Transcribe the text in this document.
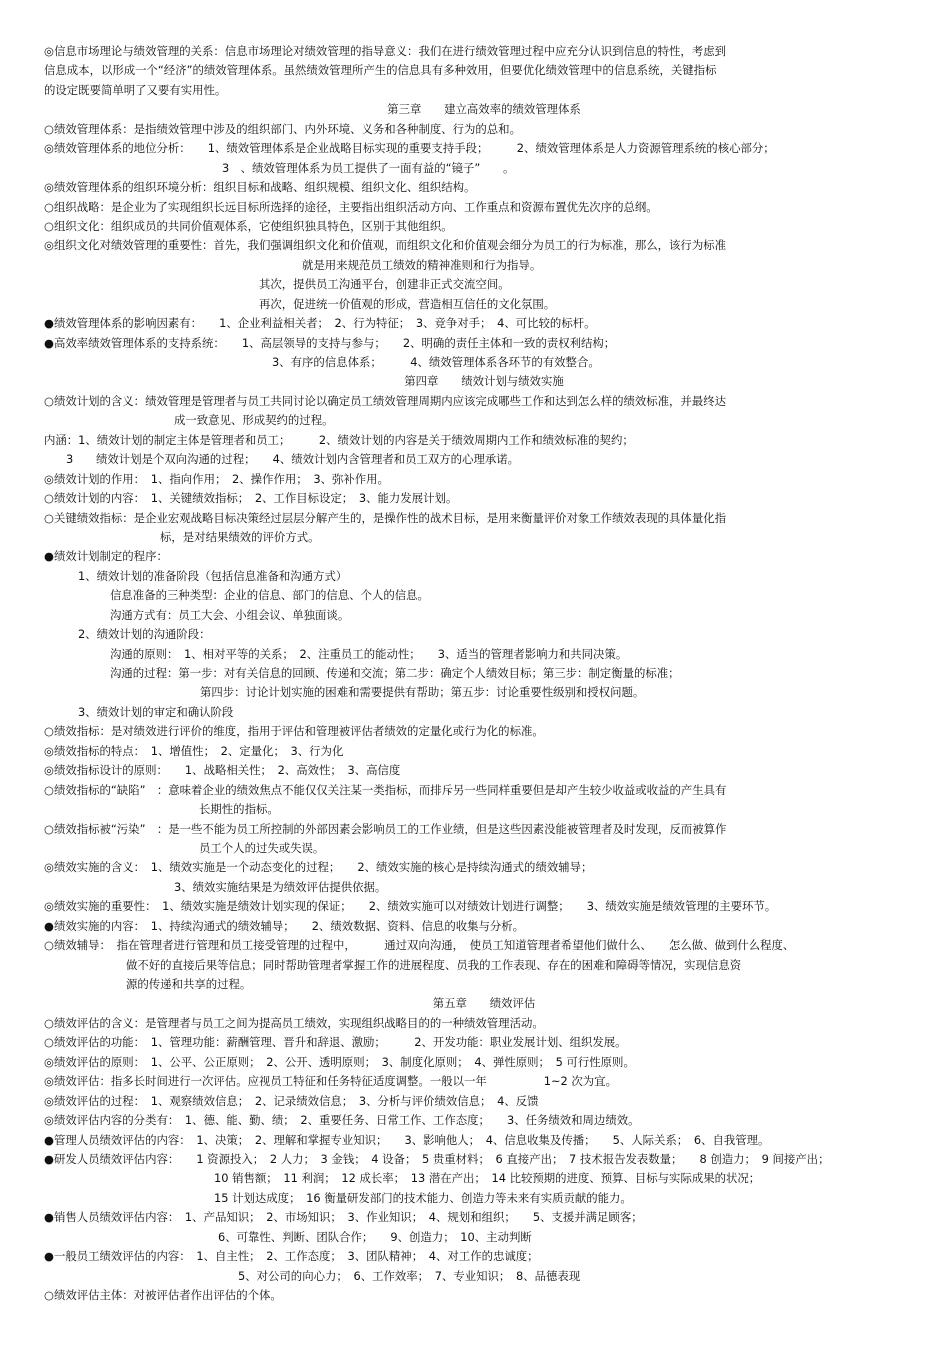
◎信息市场理论与绩效管理的关系：信息市场理论对绩效管理的指导意义：我们在进行绩效管理过程中应充分认识到信息的特性，考虑到
信息成本，以形成一个“经济”的绩效管理体系。虽然绩效管理所产生的信息具有多种效用，但要优化绩效管理中的信息系统，关键指标
的设定既要简单明了又要有实用性。
第三章　　建立高效率的绩效管理体系
○绩效管理体系：是指绩效管理中涉及的组织部门、内外环境、义务和各种制度、行为的总和。
◎绩效管理体系的地位分析：　　1、绩效管理体系是企业战略目标实现的重要支持手段；　　　2、绩效管理体系是人力资源管理系统的核心部分；
3　、绩效管理体系为员工提供了一面有益的“镜子”　　。
◎绩效管理体系的组织环境分析：组织目标和战略、组织规模、组织文化、组织结构。
○组织战略：是企业为了实现组织长远目标所选择的途径，主要指出组织活动方向、工作重点和资源布置优先次序的总纲。
○组织文化：组织成员的共同价值观体系，它使组织独具特色，区别于其他组织。
◎组织文化对绩效管理的重要性：首先，我们强调组织文化和价值观，而组织文化和价值观会细分为员工的行为标准，那么，该行为标准
就是用来规范员工绩效的精神准则和行为指导。
其次，提供员工沟通平台，创建非正式交流空间。
再次，促进统一价值观的形成，营造相互信任的文化氛围。
●绩效管理体系的影响因素有：　　1、企业利益相关者；　2、行为特征；　3、竞争对手；　4、可比较的标杆。
●高效率绩效管理体系的支持系统：　　1、高层领导的支持与参与；　　2、明确的责任主体和一致的责权利结构；
3、有序的信息体系；　　　4、绩效管理体系各环节的有效整合。
第四章　　绩效计划与绩效实施
○绩效计划的含义：绩效管理是管理者与员工共同讨论以确定员工绩效管理周期内应该完成哪些工作和达到怎么样的绩效标准，并最终达
成一致意见、形成契约的过程。
内涵：1、绩效计划的制定主体是管理者和员工；　　　2、绩效计划的内容是关于绩效周期内工作和绩效标准的契约；
3　　绩效计划是个双向沟通的过程；　　4、绩效计划内含管理者和员工双方的心理承诺。
◎绩效计划的作用：　1、指向作用；　2、操作作用；　3、弥补作用。
○绩效计划的内容：　1、关键绩效指标；　2、工作目标设定；　3、能力发展计划。
○关键绩效指标：是企业宏观战略目标决策经过层层分解产生的，是操作性的战术目标，是用来衡量评价对象工作绩效表现的具体量化指
标，是对结果绩效的评价方式。
●绩效计划制定的程序：
1、绩效计划的准备阶段（包括信息准备和沟通方式）
信息准备的三种类型：企业的信息、部门的信息、个人的信息。
沟通方式有：员工大会、小组会议、单独面谈。
2、绩效计划的沟通阶段：
沟通的原则：　1、相对平等的关系；　2、注重员工的能动性；　　3、适当的管理者影响力和共同决策。
沟通的过程：第一步：对有关信息的回顾、传递和交流；第二步：确定个人绩效目标；第三步：制定衡量的标准；
第四步：讨论计划实施的困难和需要提供有帮助；第五步：讨论重要性级别和授权问题。
3、绩效计划的审定和确认阶段
○绩效指标：是对绩效进行评价的维度，指用于评估和管理被评估者绩效的定量化或行为化的标准。
◎绩效指标的特点：　1、增值性；　2、定量化；　3、行为化
◎绩效指标设计的原则：　　1、战略相关性；　2、高效性；　3、高信度
○绩效指标的“缺陷”　：意味着企业的绩效焦点不能仅仅关注某一类指标，而排斥另一些同样重要但是却产生较少收益或收益的产生具有
长期性的指标。
○绩效指标被“污染”　：是一些不能为员工所控制的外部因素会影响员工的工作业绩，但是这些因素没能被管理者及时发现，反而被算作
员工个人的过失或失误。
◎绩效实施的含义：　1、绩效实施是一个动态变化的过程；　　2、绩效实施的核心是持续沟通式的绩效辅导；
3、绩效实施结果是为绩效评估提供依据。
◎绩效实施的重要性：　1、绩效实施是绩效计划实现的保证；　　2、绩效实施可以对绩效计划进行调整；　　3、绩效实施是绩效管理的主要环节。
●绩效实施的内容：　1、持续沟通式的绩效辅导；　　2、绩效数据、资料、信息的收集与分析。
○绩效辅导：　指在管理者进行管理和员工接受管理的过程中，　　　通过双向沟通，　使员工知道管理者希望他们做什么、　　怎么做、做到什么程度、
做不好的直接后果等信息；同时帮助管理者掌握工作的进展程度、员我的工作表现、存在的困难和障碍等情况，实现信息资
源的传递和共享的过程。
第五章　　绩效评估
○绩效评估的含义：是管理者与员工之间为提高员工绩效，实现组织战略目的的一种绩效管理活动。
○绩效评估的功能：　1、管理功能：薪酬管理、晋升和辞退、激励；　　　2、开发功能：职业发展计划、组织发展。
◎绩效评估的原则：　1、公平、公正原则；　2、公开、透明原则；　3、制度化原则；　4、弹性原则；　5 可行性原则。
◎绩效评估：指多长时间进行一次评估。应视员工特征和任务特征适度调整。一般以一年　　　　　1~2 次为宜。
◎绩效评估的过程：　1、观察绩效信息；　2、记录绩效信息；　3、分析与评价绩效信息；　4、反馈
◎绩效评估内容的分类有：　1、德、能、勤、绩；　2、重要任务、日常工作、工作态度；　　3、任务绩效和周边绩效。
●管理人员绩效评估的内容：　1、决策；　2、理解和掌握专业知识；　　3、影响他人；　4、信息收集及传播；　　5、人际关系；　6、自我管理。
●研发人员绩效评估内容：　　1 资源投入；　2 人力；　3 金钱；　4 设备；　5 贵重材料；　6 直接产出；　7 技术报告发表数量；　　8 创造力；　9 间接产出；
10 销售额；　11 利润；　12 成长率；　13 潜在产出；　14 比较预期的进度、预算、目标与实际成果的状况；
15 计划达成度；　16 衡量研发部门的技术能力、创造力等未来有实质贡献的能力。
●销售人员绩效评估内容：　1、产品知识；　2、市场知识；　3、作业知识；　4、规划和组织；　　5、支援并满足顾客；
6、可靠性、判断、团队合作；　　9、创造力；　10、主动判断
●一般员工绩效评估的内容：　1、自主性；　2、工作态度；　3、团队精神；　4、对工作的忠诚度；
5、对公司的向心力；　6、工作效率；　7、专业知识；　8、品德表现
○绩效评估主体：对被评估者作出评估的个体。
